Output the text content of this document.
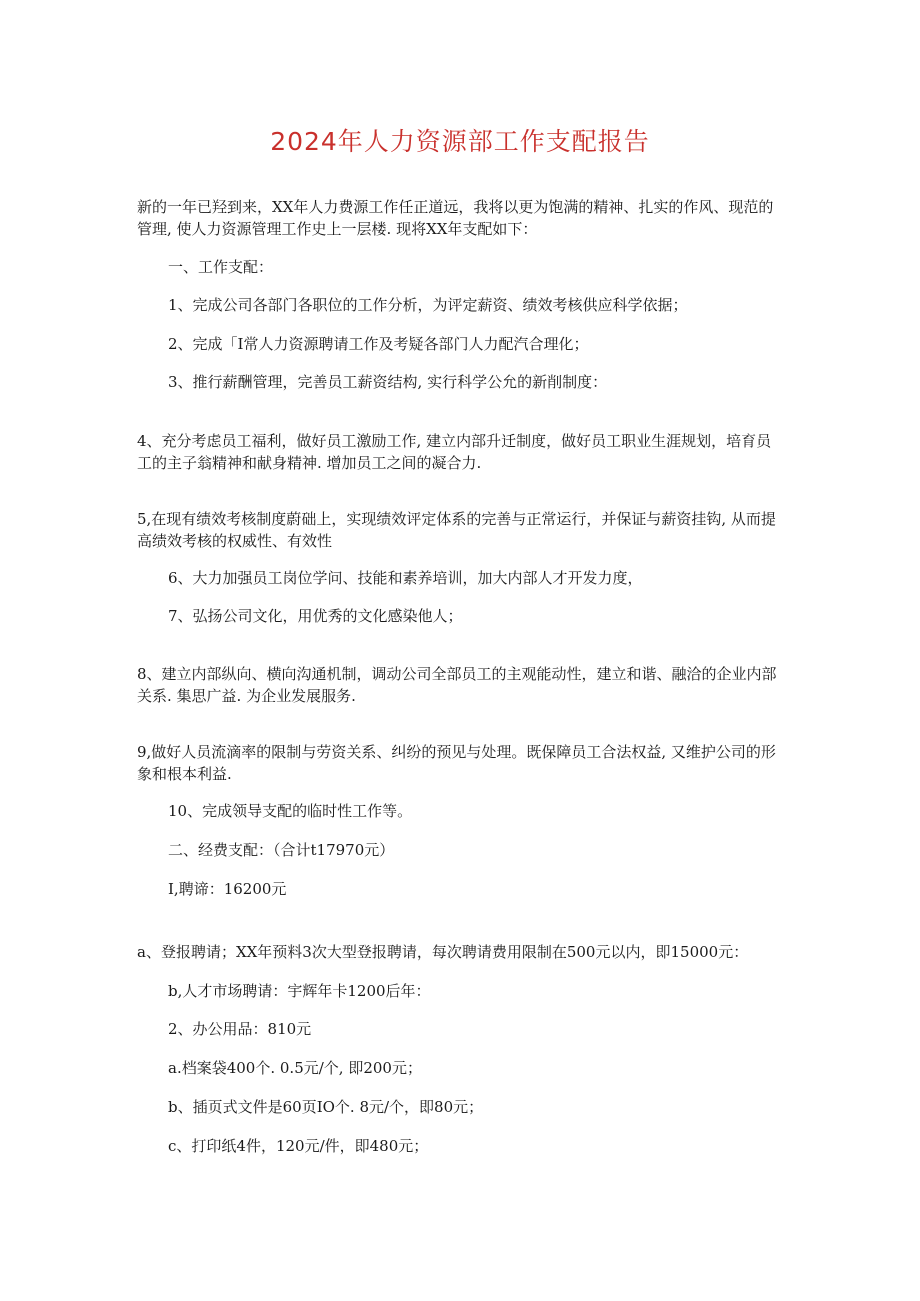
2024年人力资源部工作支配报告

新的一年已羟到来，XX年人力费源工作任正道远，我将以更为饱满的精神、扎实的作风、现范的管理, 使人力资源管理工作史上一层楼. 现将XX年支配如下：

一、工作支配：

1、完成公司各部门各职位的工作分析，为评定薪资、绩效考核供应科学依据；

2、完成「I常人力资源聘请工作及考疑各部门人力配汽合理化；

3、推行薪酬管理，完善员工薪资结构, 实行科学公允的新削制度：

4、充分考虑员工福利，做好员工激励工作, 建立内部升迁制度，做好员工职业生涯规划，培育员工的主子翁精神和献身精神. 增加员工之间的凝合力.

5,在现有绩效考核制度蔚础上，实现绩效评定体系的完善与正常运行，并保证与薪资挂钩, 从而提高绩效考核的权威性、有效性

6、大力加强员工岗位学问、技能和素养培训，加大内部人才开发力度，

7、弘扬公司文化，用优秀的文化感染他人；

8、建立内部纵向、横向沟通机制，调动公司全部员工的主观能动性，建立和谐、融洽的企业内部关系. 集思广益. 为企业发展服务.

9,做好人员流滴率的限制与劳资关系、纠纷的预见与处理。既保障员工合法权益, 又维护公司的形象和根本利益.

10、完成领导支配的临时性工作等。

二、经费支配：（合计t17970元）

I,聘谛：16200元

a、登报聘请；XX年预料3次大型登报聘请，每次聘请费用限制在500元以内，即15000元：

b,人才市场聘请：宇辉年卡1200后年：

2、办公用品：810元

a.档案袋400个. 0.5元/个, 即200元；

b、插页式文件是60页IO个. 8元/个，即80元；

c、打印纸4件，120元/件，即480元；
